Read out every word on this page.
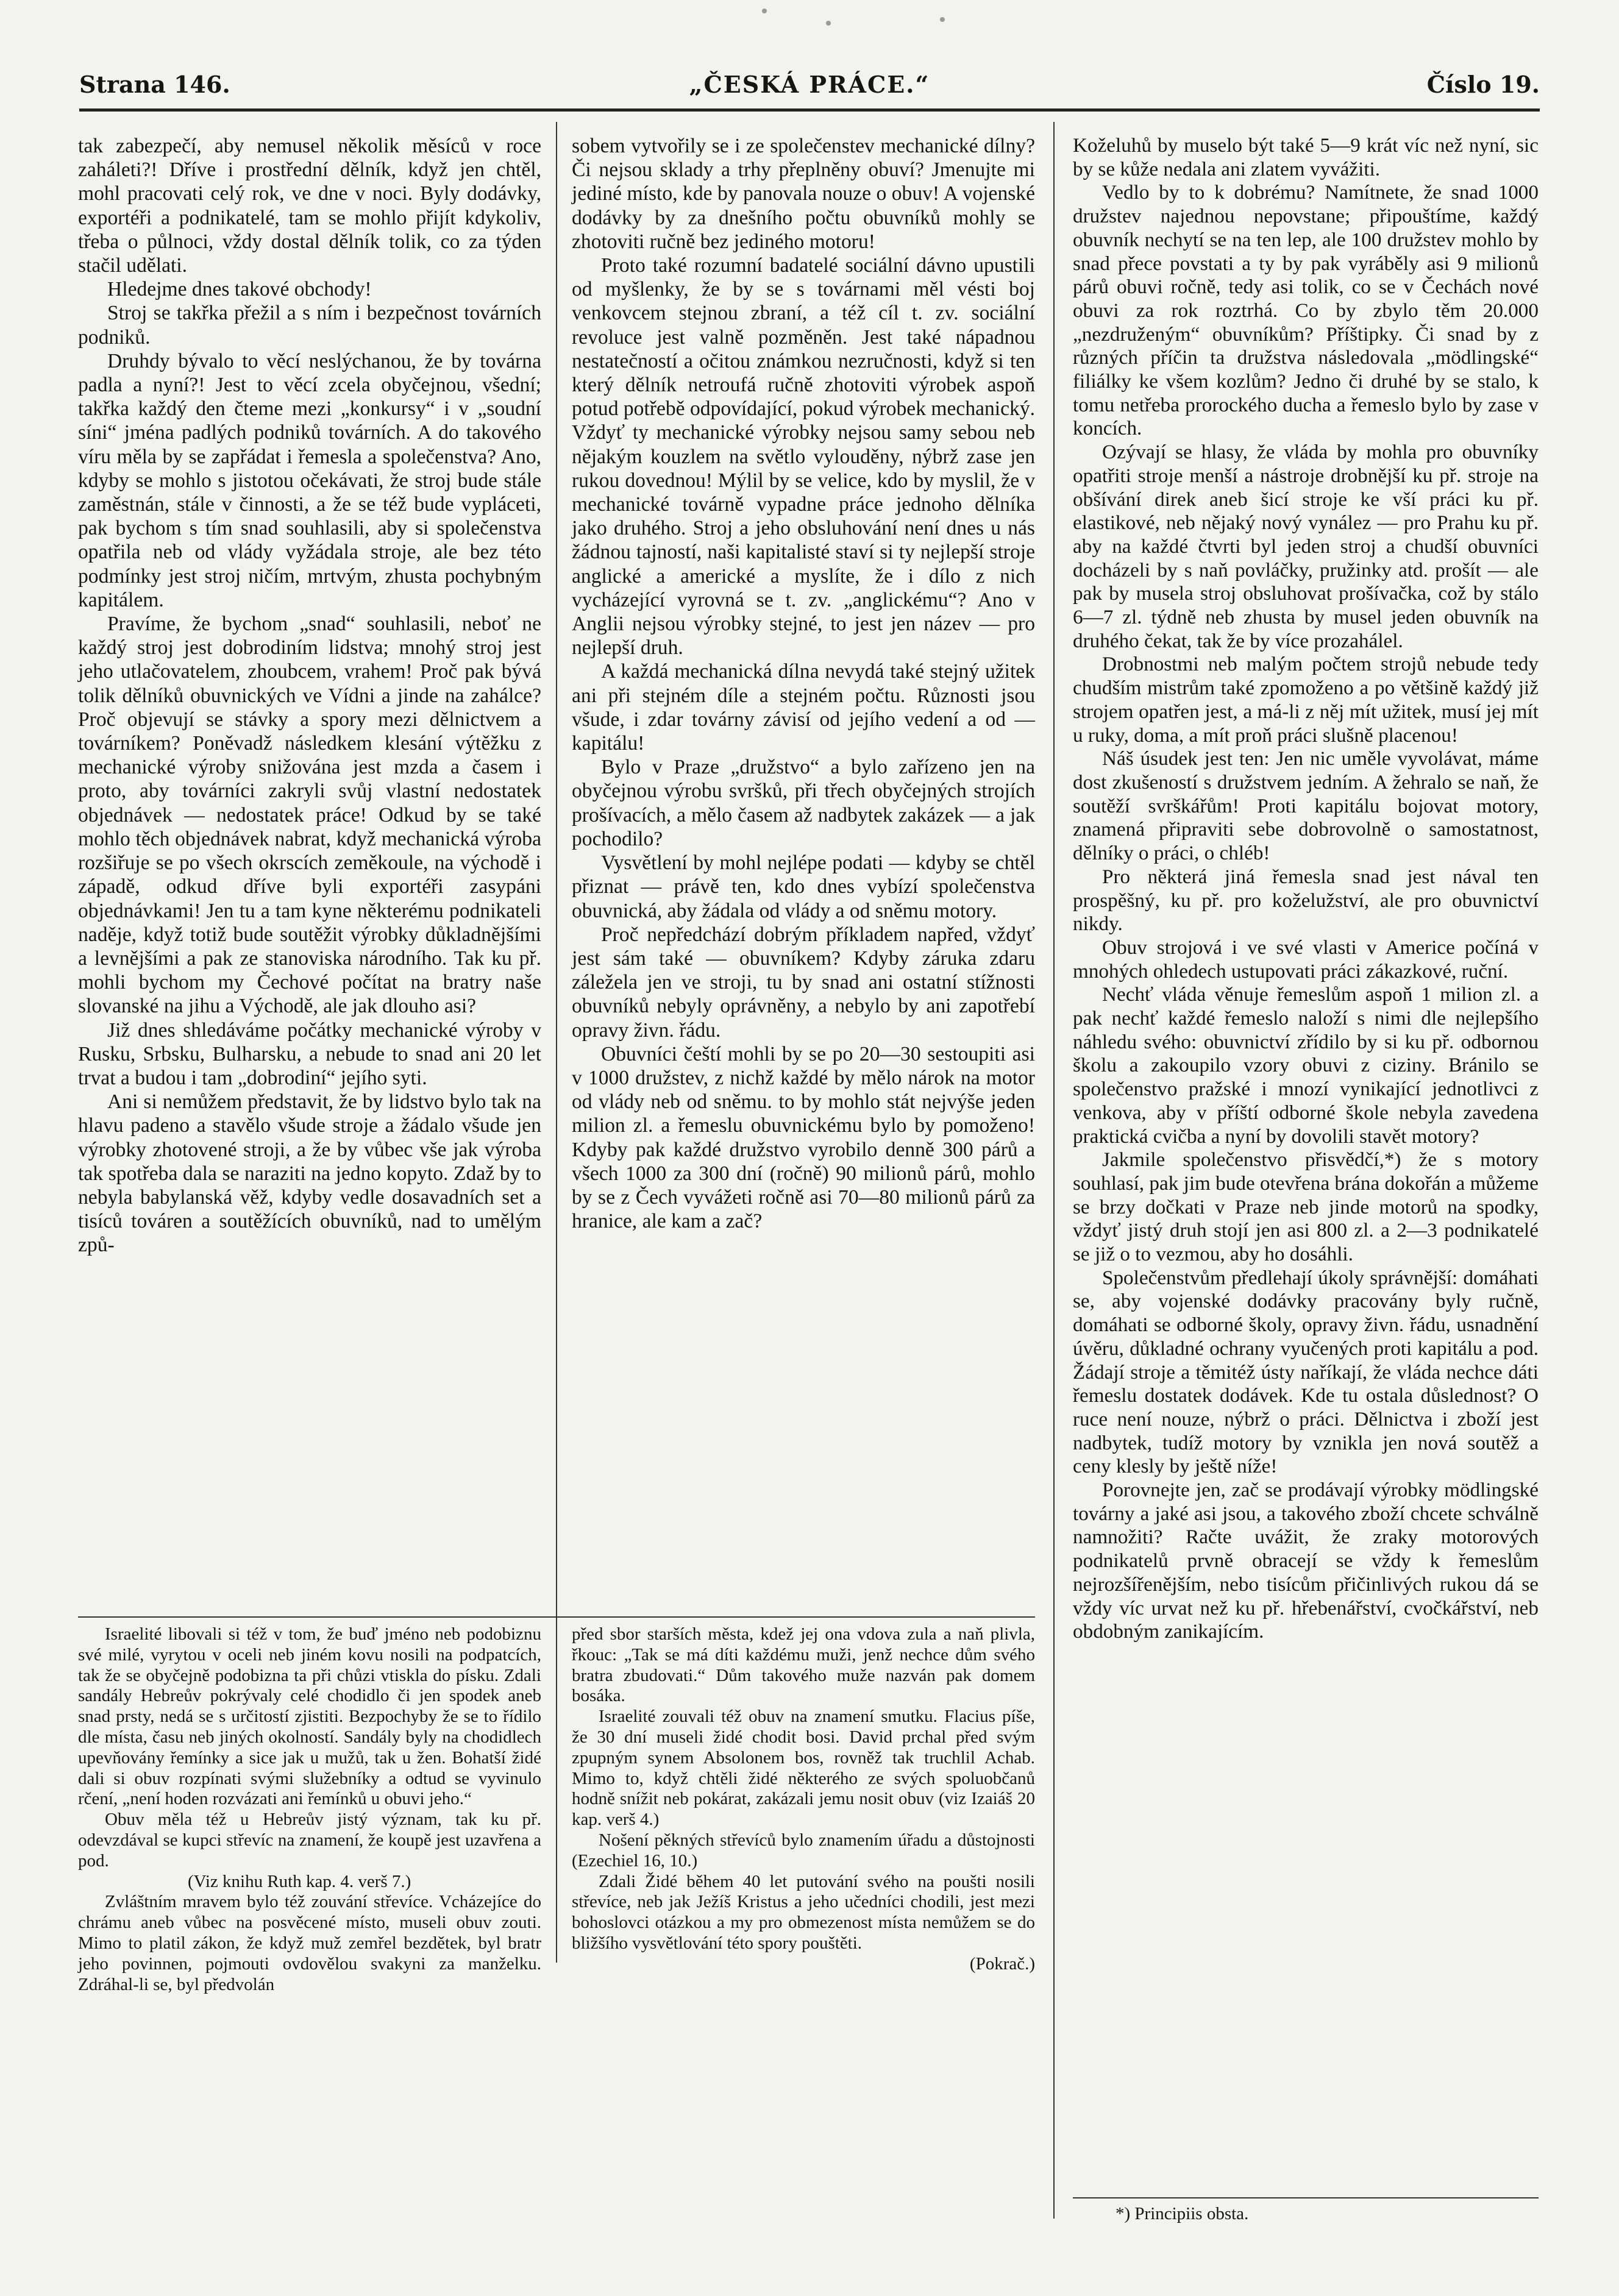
Strana 146.	„ČESKÁ PRÁCE.“	Číslo 19.

tak zabezpečí, aby nemusel několik měsíců v roce zaháleti?! Dříve i prostřední dělník, když jen chtěl, mohl pracovati celý rok, ve dne v noci. Byly dodávky, exportéři a podnikatelé, tam se mohlo přijít kdykoliv, třeba o půlnoci, vždy dostal dělník tolik, co za týden stačil udělati.

Hledejme dnes takové obchody!

Stroj se takřka přežil a s ním i bezpečnost továrních podniků.

Druhdy bývalo to věcí neslýchanou, že by továrna padla a nyní?! Jest to věcí zcela obyčejnou, všední; takřka každý den čteme mezi „konkursy“ i v „soudní síni“ jména padlých podniků továrních. A do takového víru měla by se zapřádat i řemesla a společenstva? Ano, kdyby se mohlo s jistotou očekávati, že stroj bude stále zaměstnán, stále v činnosti, a že se též bude vypláceti, pak bychom s tím snad souhlasili, aby si společenstva opatřila neb od vlády vyžádala stroje, ale bez této podmínky jest stroj ničím, mrtvým, zhusta pochybným kapitálem.

Pravíme, že bychom „snad“ souhlasili, neboť ne každý stroj jest dobrodiním lidstva; mnohý stroj jest jeho utlačovatelem, zhoubcem, vrahem! Proč pak bývá tolik dělníků obuvnických ve Vídni a jinde na zahálce? Proč objevují se stávky a spory mezi dělnictvem a továrníkem? Poněvadž následkem klesání výtěžku z mechanické výroby snižována jest mzda a časem i proto, aby továrníci zakryli svůj vlastní nedostatek objednávek — nedostatek práce! Odkud by se také mohlo těch objednávek nabrat, když mechanická výroba rozšiřuje se po všech okrscích zeměkoule, na východě i západě, odkud dříve byli exportéři zasypáni objednávkami! Jen tu a tam kyne některému podnikateli naděje, když totiž bude soutěžit výrobky důkladnějšími a levnějšími a pak ze stanoviska národního. Tak ku př. mohli bychom my Čechové počítat na bratry naše slovanské na jihu a Východě, ale jak dlouho asi?

Již dnes shledáváme počátky mechanické výroby v Rusku, Srbsku, Bulharsku, a nebude to snad ani 20 let trvat a budou i tam „dobrodiní“ jejího syti.

Ani si nemůžem představit, že by lidstvo bylo tak na hlavu padeno a stavělo všude stroje a žádalo všude jen výrobky zhotovené stroji, a že by vůbec vše jak výroba tak spotřeba dala se naraziti na jedno kopyto. Zdaž by to nebyla babylanská věž, kdyby vedle dosavadních set a tisíců továren a soutěžících obuvníků, nad to umělým způ-

sobem vytvořily se i ze společenstev mechanické dílny? Či nejsou sklady a trhy přeplněny obuví? Jmenujte mi jediné místo, kde by panovala nouze o obuv! A vojenské dodávky by za dnešního počtu obuvníků mohly se zhotoviti ručně bez jediného motoru!

Proto také rozumní badatelé sociální dávno upustili od myšlenky, že by se s továrnami měl vésti boj venkovcem stejnou zbraní, a též cíl t. zv. sociální revoluce jest valně pozměněn. Jest také nápadnou nestatečností a očitou známkou nezručnosti, když si ten který dělník netroufá ručně zhotoviti výrobek aspoň potud potřebě odpovídající, pokud výrobek mechanický. Vždyť ty mechanické výrobky nejsou samy sebou neb nějakým kouzlem na světlo vylouděny, nýbrž zase jen rukou dovednou! Mýlil by se velice, kdo by myslil, že v mechanické továrně vypadne práce jednoho dělníka jako druhého. Stroj a jeho obsluhování není dnes u nás žádnou tajností, naši kapitalisté staví si ty nejlepší stroje anglické a americké a myslíte, že i dílo z nich vycházející vyrovná se t. zv. „anglickému“? Ano v Anglii nejsou výrobky stejné, to jest jen název — pro nejlepší druh.

A každá mechanická dílna nevydá také stejný užitek ani při stejném díle a stejném počtu. Různosti jsou všude, i zdar továrny závisí od jejího vedení a od — kapitálu!

Bylo v Praze „družstvo“ a bylo zařízeno jen na obyčejnou výrobu svršků, při třech obyčejných strojích prošívacích, a mělo časem až nadbytek zakázek — a jak pochodilo?

Vysvětlení by mohl nejlépe podati — kdyby se chtěl přiznat — právě ten, kdo dnes vybízí společenstva obuvnická, aby žádala od vlády a od sněmu motory.

Proč nepředchází dobrým příkladem napřed, vždyť jest sám také — obuvníkem? Kdyby záruka zdaru záležela jen ve stroji, tu by snad ani ostatní stížnosti obuvníků nebyly oprávněny, a nebylo by ani zapotřebí opravy živn. řádu.

Obuvníci čeští mohli by se po 20—30 sestoupiti asi v 1000 družstev, z nichž každé by mělo nárok na motor od vlády neb od sněmu. to by mohlo stát nejvýše jeden milion zl. a řemeslu obuvnickému bylo by pomoženo! Kdyby pak každé družstvo vyrobilo denně 300 párů a všech 1000 za 300 dní (ročně) 90 milionů párů, mohlo by se z Čech vyvážeti ročně asi 70—80 milionů párů za hranice, ale kam a zač?

Koželuhů by muselo být také 5—9 krát víc než nyní, sic by se kůže nedala ani zlatem vyvážiti.

Vedlo by to k dobrému? Namítnete, že snad 1000 družstev najednou nepovstane; připouštíme, každý obuvník nechytí se na ten lep, ale 100 družstev mohlo by snad přece povstati a ty by pak vyráběly asi 9 milionů párů obuvi ročně, tedy asi tolik, co se v Čechách nové obuvi za rok roztrhá. Co by zbylo těm 20.000 „nezdruženým“ obuvníkům? Příštipky. Či snad by z různých příčin ta družstva následovala „mödlingské“ filiálky ke všem kozlům? Jedno či druhé by se stalo, k tomu netřeba prorockého ducha a řemeslo bylo by zase v koncích.

Ozývají se hlasy, že vláda by mohla pro obuvníky opatřiti stroje menší a nástroje drobnější ku př. stroje na obšívání direk aneb šicí stroje ke vší práci ku př. elastikové, neb nějaký nový vynález — pro Prahu ku př. aby na každé čtvrti byl jeden stroj a chudší obuvníci docházeli by s naň povláčky, pružinky atd. prošít — ale pak by musela stroj obsluhovat prošívačka, což by stálo 6—7 zl. týdně neb zhusta by musel jeden obuvník na druhého čekat, tak že by více prozahálel.

Drobnostmi neb malým počtem strojů nebude tedy chudším mistrům také zpomoženo a po většině každý již strojem opatřen jest, a má-li z něj mít užitek, musí jej mít u ruky, doma, a mít proň práci slušně placenou!

Náš úsudek jest ten: Jen nic uměle vyvolávat, máme dost zkušeností s družstvem jedním. A žehralo se naň, že soutěží svrškářům! Proti kapitálu bojovat motory, znamená připraviti sebe dobrovolně o samostatnost, dělníky o práci, o chléb!

Pro některá jiná řemesla snad jest nával ten prospěšný, ku př. pro koželužství, ale pro obuvnictví nikdy.

Obuv strojová i ve své vlasti v Americe počíná v mnohých ohledech ustupovati práci zákazkové, ruční.

Nechť vláda věnuje řemeslům aspoň 1 milion zl. a pak nechť každé řemeslo naloží s nimi dle nejlepšího náhledu svého: obuvnictví zřídilo by si ku př. odbornou školu a zakoupilo vzory obuvi z ciziny. Bránilo se společenstvo pražské i mnozí vynikající jednotlivci z venkova, aby v příští odborné škole nebyla zavedena praktická cvičba a nyní by dovolili stavět motory?

Jakmile společenstvo přisvědčí,*) že s motory souhlasí, pak jim bude otevřena brána dokořán a můžeme se brzy dočkati v Praze neb jinde motorů na spodky, vždyť jistý druh stojí jen asi 800 zl. a 2—3 podnikatelé se již o to vezmou, aby ho dosáhli.

Společenstvům předlehají úkoly správnější: domáhati se, aby vojenské dodávky pracovány byly ručně, domáhati se odborné školy, opravy živn. řádu, usnadnění úvěru, důkladné ochrany vyučených proti kapitálu a pod. Žádají stroje a těmitéž ústy naříkají, že vláda nechce dáti řemeslu dostatek dodávek. Kde tu ostala důslednost? O ruce není nouze, nýbrž o práci. Dělnictva i zboží jest nadbytek, tudíž motory by vznikla jen nová soutěž a ceny klesly by ještě níže!

Porovnejte jen, zač se prodávají výrobky mödlingské továrny a jaké asi jsou, a takového zboží chcete schválně namnožiti? Račte uvážit, že zraky motorových podnikatelů prvně obracejí se vždy k řemeslům nejrozšířenějším, nebo tisícům přičinlivých rukou dá se vždy víc urvat než ku př. hřebenářství, cvočkářství, neb obdobným zanikajícím.

Israelité libovali si též v tom, že buď jméno neb podobiznu své milé, vyrytou v oceli neb jiném kovu nosili na podpatcích, tak že se obyčejně podobizna ta při chůzi vtiskla do písku. Zdali sandály Hebreův pokrývaly celé chodidlo či jen spodek aneb snad prsty, nedá se s určitostí zjistiti. Bezpochyby že se to řídilo dle místa, času neb jiných okolností. Sandály byly na chodidlech upevňovány řemínky a sice jak u mužů, tak u žen. Bohatší židé dali si obuv rozpínati svými služebníky a odtud se vyvinulo rčení, „není hoden rozvázati ani řemínků u obuvi jeho.“

Obuv měla též u Hebreův jistý význam, tak ku př. odevzdával se kupci střevíc na znamení, že koupě jest uzavřena a pod.

(Viz knihu Ruth kap. 4. verš 7.)

Zvláštním mravem bylo též zouvání střevíce. Vcházejíce do chrámu aneb vůbec na posvěcené místo, museli obuv zouti. Mimo to platil zákon, že když muž zemřel bezdětek, byl bratr jeho povinnen, pojmouti ovdovělou svakyni za manželku. Zdráhal-li se, byl předvolán

před sbor starších města, kdež jej ona vdova zula a naň plivla, řkouc: „Tak se má díti každému muži, jenž nechce dům svého bratra zbudovati.“ Dům takového muže nazván pak domem bosáka.

Israelité zouvali též obuv na znamení smutku. Flacius píše, že 30 dní museli židé chodit bosi. David prchal před svým zpupným synem Absolonem bos, rovněž tak truchlil Achab. Mimo to, když chtěli židé některého ze svých spoluobčanů hodně snížit neb pokárat, zakázali jemu nosit obuv (viz Izaiáš 20 kap. verš 4.)

Nošení pěkných střevíců bylo znamením úřadu a důstojnosti (Ezechiel 16, 10.)

Zdali Židé během 40 let putování svého na poušti nosili střevíce, neb jak Ježíš Kristus a jeho učedníci chodili, jest mezi bohoslovci otázkou a my pro obmezenost místa nemůžem se do bližšího vysvětlování této spory pouštěti.

(Pokrač.)

*) Principiis obsta.
